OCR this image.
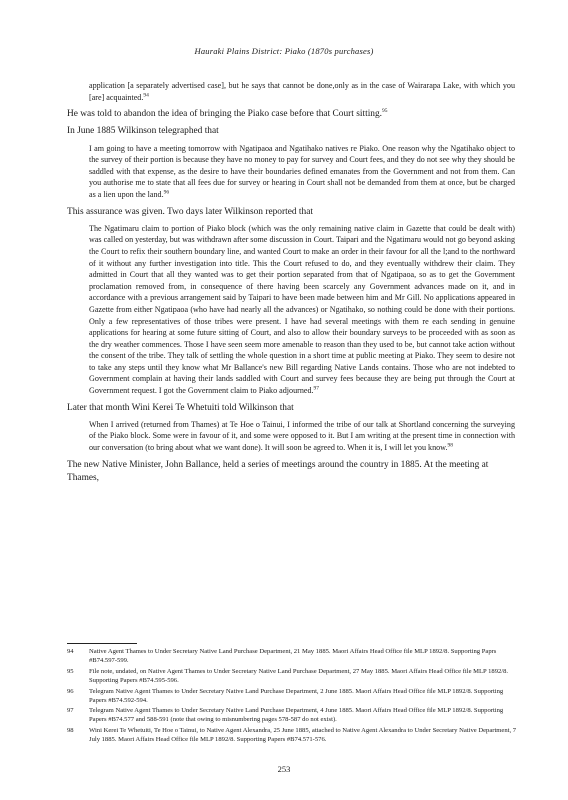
Hauraki Plains District: Piako (1870s purchases)

application [a separately advertised case], but he says that cannot be done,only as in the case of Wairarapa Lake, with which you [are] acquainted.$^{94}$

He was told to abandon the idea of bringing the Piako case before that Court sitting.$^{95}$

In June 1885 Wilkinson telegraphed that

I am going to have a meeting tomorrow with Ngatipaoa and Ngatihako natives re Piako. One reason why the Ngatihako object to the survey of their portion is because they have no money to pay for survey and Court fees, and they do not see why they should be saddled with that expense, as the desire to have their boundaries defined emanates from the Government and not from them. Can you authorise me to state that all fees due for survey or hearing in Court shall not be demanded from them at once, but be charged as a lien upon the land.$^{96}$

This assurance was given. Two days later Wilkinson reported that

The Ngatimaru claim to portion of Piako block (which was the only remaining native claim in Gazette that could be dealt with) was called on yesterday, but was withdrawn after some discussion in Court. Taipari and the Ngatimaru would not go beyond asking the Court to refix their southern boundary line, and wanted Court to make an order in their favour for all the l;and to the northward of it without any further investigation into title. This the Court refused to do, and they eventually withdrew their claim. They admitted in Court that all they wanted was to get their portion separated from that of Ngatipaoa, so as to get the Government proclamation removed from, in consequence of there having been scarcely any Government advances made on it, and in accordance with a previous arrangement said by Taipari to have been made between him and Mr Gill. No applications appeared in Gazette from either Ngatipaoa (who have had nearly all the advances) or Ngatihako, so nothing could be done with their portions. Only a few representatives of those tribes were present. I have had several meetings with them re each sending in genuine applications for hearing at some future sitting of Court, and also to allow their boundary surveys to be proceeded with as soon as the dry weather commences. Those I have seen seem more amenable to reason than they used to be, but cannot take action without the consent of the tribe. They talk of settling the whole question in a short time at public meeting at Piako. They seem to desire not to take any steps until they know what Mr Ballance's new Bill regarding Native Lands contains. Those who are not indebted to Government complain at having their lands saddled with Court and survey fees because they are being put through the Court at Government request. I got the Government claim to Piako adjourned.$^{97}$

Later that month Wini Kerei Te Whetuiti told Wilkinson that

When I arrived (returned from Thames) at Te Hoe o Tainui, I informed the tribe of our talk at Shortland concerning the surveying of the Piako block. Some were in favour of it, and some were opposed to it. But I am writing at the present time in connection with our conversation (to bring about what we want done). It will soon be agreed to. When it is, I will let you know.$^{98}$

The new Native Minister, John Ballance, held a series of meetings around the country in 1885. At the meeting at Thames,

94	Native Agent Thames to Under Secretary Native Land Purchase Department, 21 May 1885. Maori Affairs Head Office file MLP 1892/8. Supporting Paprs #B74.597-599.
95	File note, undated, on Native Agent Thames to Under Secretary Native Land Purchase Department, 27 May 1885. Maori Affairs Head Office file MLP 1892/8. Supporting Papers #B74.595-596.
96	Telegram Native Agent Thames to Under Secretary Native Land Purchase Department, 2 June 1885. Maori Affairs Head Office file MLP 1892/8. Supporting Papers #B74.592-594.
97	Telegram Native Agent Thames to Under Secretary Native Land Purchase Department, 4 June 1885. Maori Affairs Head Office file MLP 1892/8. Supporting Papers #B74.577 and 588-591 (note that owing to misnumbering pages 578-587 do not exist).
98	Wini Kerei Te Whetuiti, Te Hoe o Tainui, to Native Agent Alexandra, 25 June 1885, attached to Native Agent Alexandra to Under Secretary Native Department, 7 July 1885. Maori Affairs Head Office file MLP 1892/8. Supporting Papers #B74.571-576.
253
